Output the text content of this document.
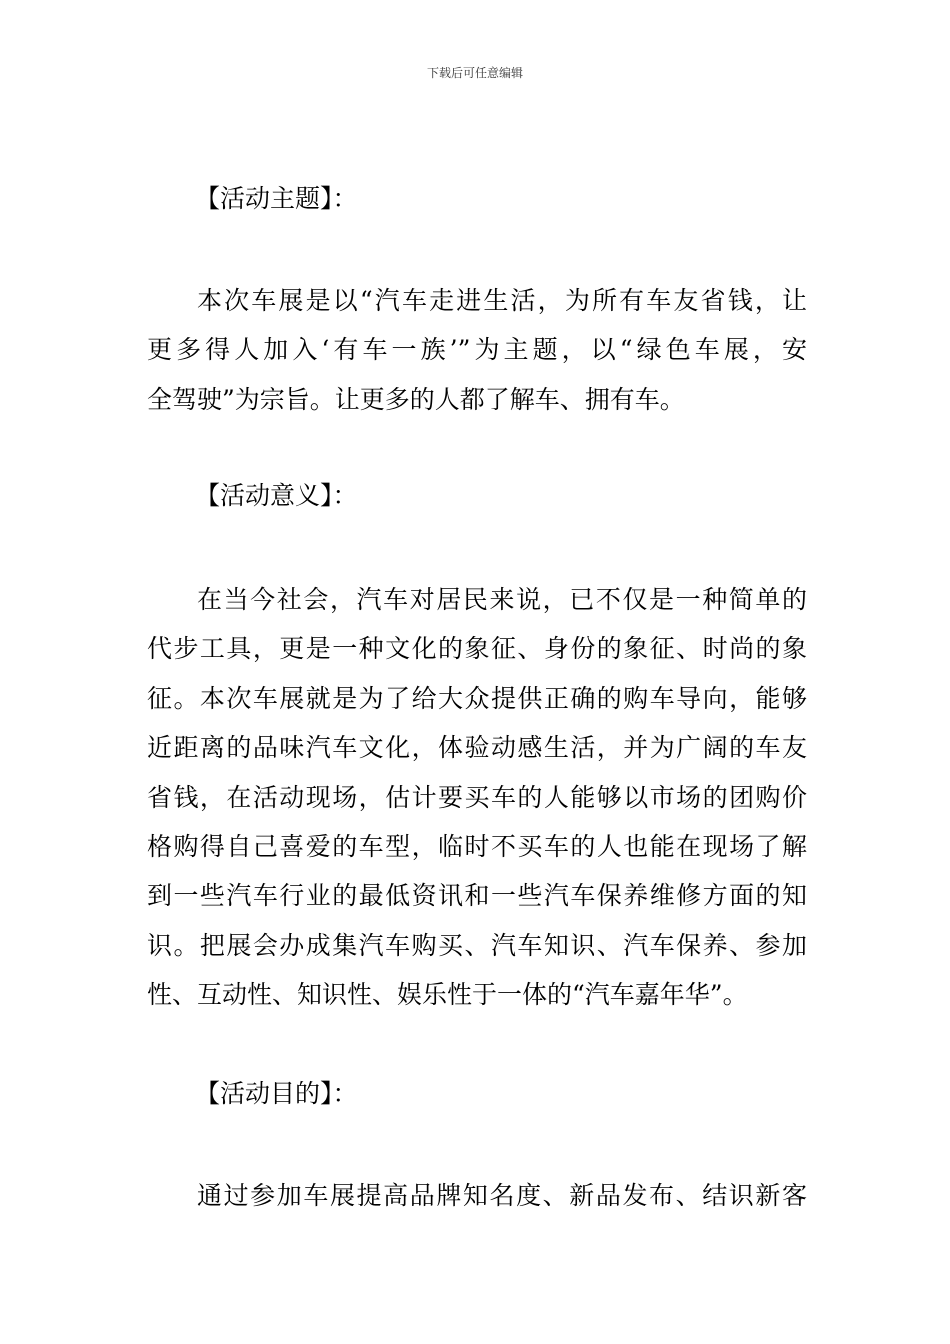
下载后可任意编辑
【活动主题】：
本次车展是以“汽车走进生活，为所有车友省钱，让
更多得人加入‘有车一族’”为主题，以“绿色车展，安
全驾驶”为宗旨。让更多的人都了解车、拥有车。
【活动意义】：
在当今社会，汽车对居民来说，已不仅是一种简单的
代步工具，更是一种文化的象征、身份的象征、时尚的象
征。本次车展就是为了给大众提供正确的购车导向，能够
近距离的品味汽车文化，体验动感生活，并为广阔的车友
省钱，在活动现场，估计要买车的人能够以市场的团购价
格购得自己喜爱的车型，临时不买车的人也能在现场了解
到一些汽车行业的最低资讯和一些汽车保养维修方面的知
识。把展会办成集汽车购买、汽车知识、汽车保养、参加
性、互动性、知识性、娱乐性于一体的“汽车嘉年华”。
【活动目的】：
通过参加车展提高品牌知名度、新品发布、结识新客
